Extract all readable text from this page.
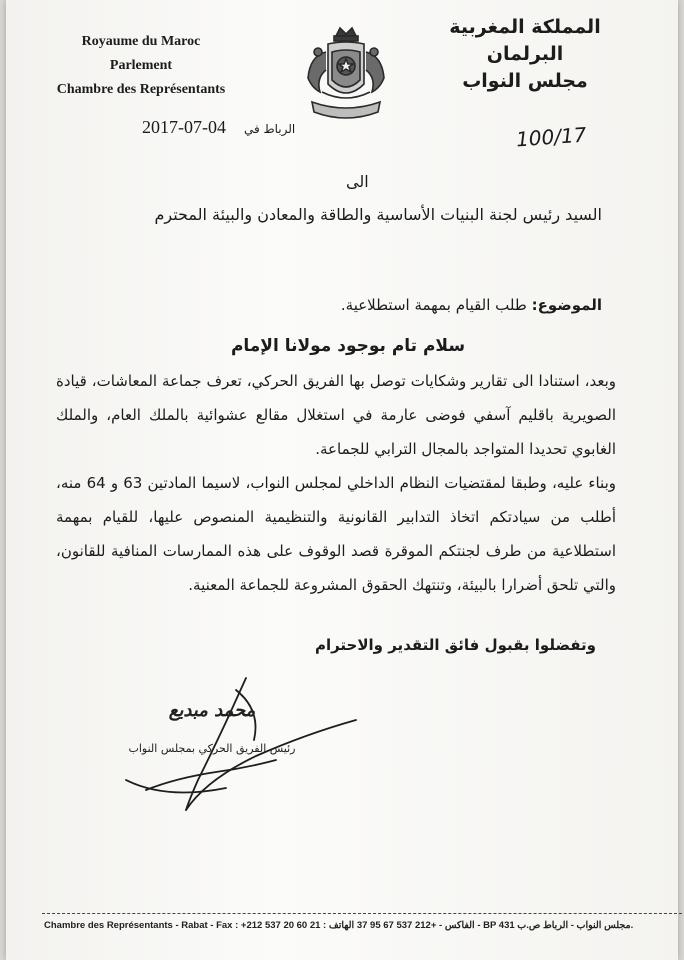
Royaume du Maroc
Parlement
Chambre des Représentants
المملكة المغربية
البرلمان
مجلس النواب
2017-07-04 الرباط في	100/17
الى
السيد رئيس لجنة البنيات الأساسية والطاقة والمعادن والبيئة المحترم
الموضوع: طلب القيام بمهمة استطلاعية.
سلام تام بوجود مولانا الإمام
وبعد، استنادا الى تقارير وشكايات توصل بها الفريق الحركي، تعرف جماعة المعاشات، قيادة الصويرية باقليم آسفي فوضى عارمة في استغلال مقالع عشوائية بالملك العام، والملك الغابوي تحديدا المتواجد بالمجال الترابي للجماعة.
وبناء عليه، وطبقا لمقتضيات النظام الداخلي لمجلس النواب، لاسيما المادتين 63 و 64 منه، أطلب من سيادتكم اتخاذ التدابير القانونية والتنظيمية المنصوص عليها، للقيام بمهمة استطلاعية من طرف لجنتكم الموقرة قصد الوقوف على هذه الممارسات المنافية للقانون، والتي تلحق أضرارا بالبيئة، وتنتهك الحقوق المشروعة للجماعة المعنية.
وتفضلوا بقبول فائق التقدير والاحترام
محمد مبديع
رئيس الفريق الحركي بمجلس النواب
Chambre des Représentants - Rabat - Fax : +212 537 20 60 21 : الفاكس - +212 537 67 95 37 الهاتف - BP 431 مجلس النواب - الرباط ص.ب.
